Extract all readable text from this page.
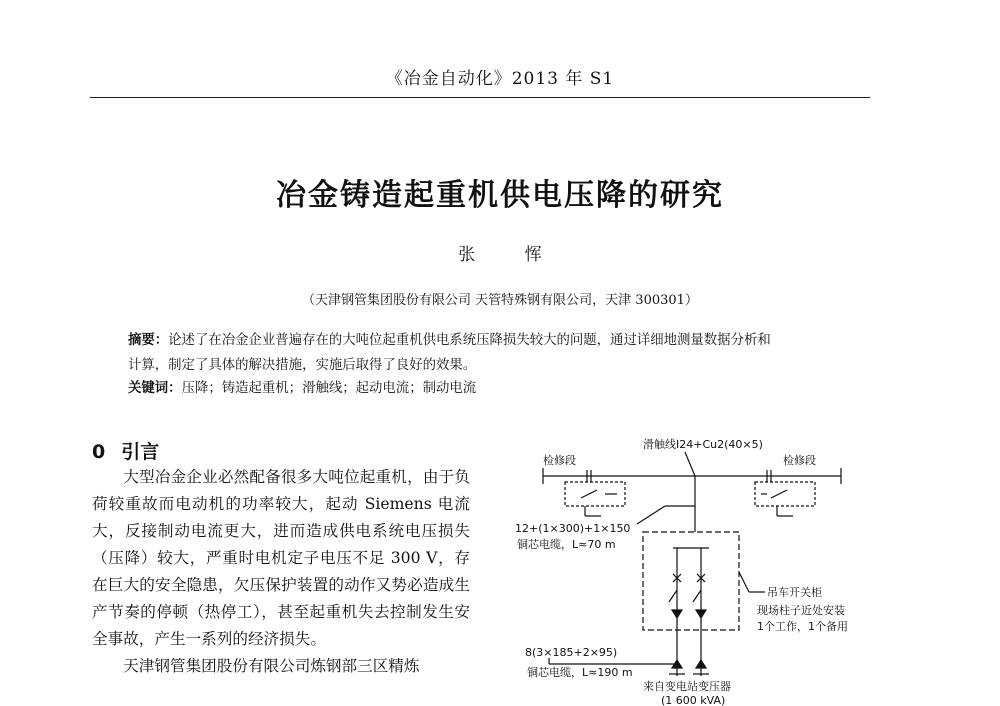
《冶金自动化》2013 年 S1
冶金铸造起重机供电压降的研究
张 恽
（天津钢管集团股份有限公司 天管特殊钢有限公司，天津 300301）
摘要：论述了在冶金企业普遍存在的大吨位起重机供电系统压降损失较大的问题，通过详细地测量数据分析和
计算，制定了具体的解决措施，实施后取得了良好的效果。
关键词：压降；铸造起重机；滑触线；起动电流；制动电流
0 引言

大型冶金企业必然配备很多大吨位起重机，由于负荷较重故而电动机的功率较大，起动 Siemens 电流大，反接制动电流更大，进而造成供电系统电压损失（压降）较大，严重时电机定子电压不足 300 V，存在巨大的安全隐患，欠压保护装置的动作又势必造成生产节奏的停顿（热停工），甚至起重机失去控制发生安全事故，产生一系列的经济损失。

天津钢管集团股份有限公司炼钢部三区精炼

滑触线I24+Cu2(40×5)
检修段	检修段
12+(1×300)+1×150
铜芯电缆，L≈70 m
吊车开关柜
现场柱子近处安装
1个工作，1个备用
8(3×185+2×95)
铜芯电缆，L≈190 m
来自变电站变压器
(1 600 kVA)
